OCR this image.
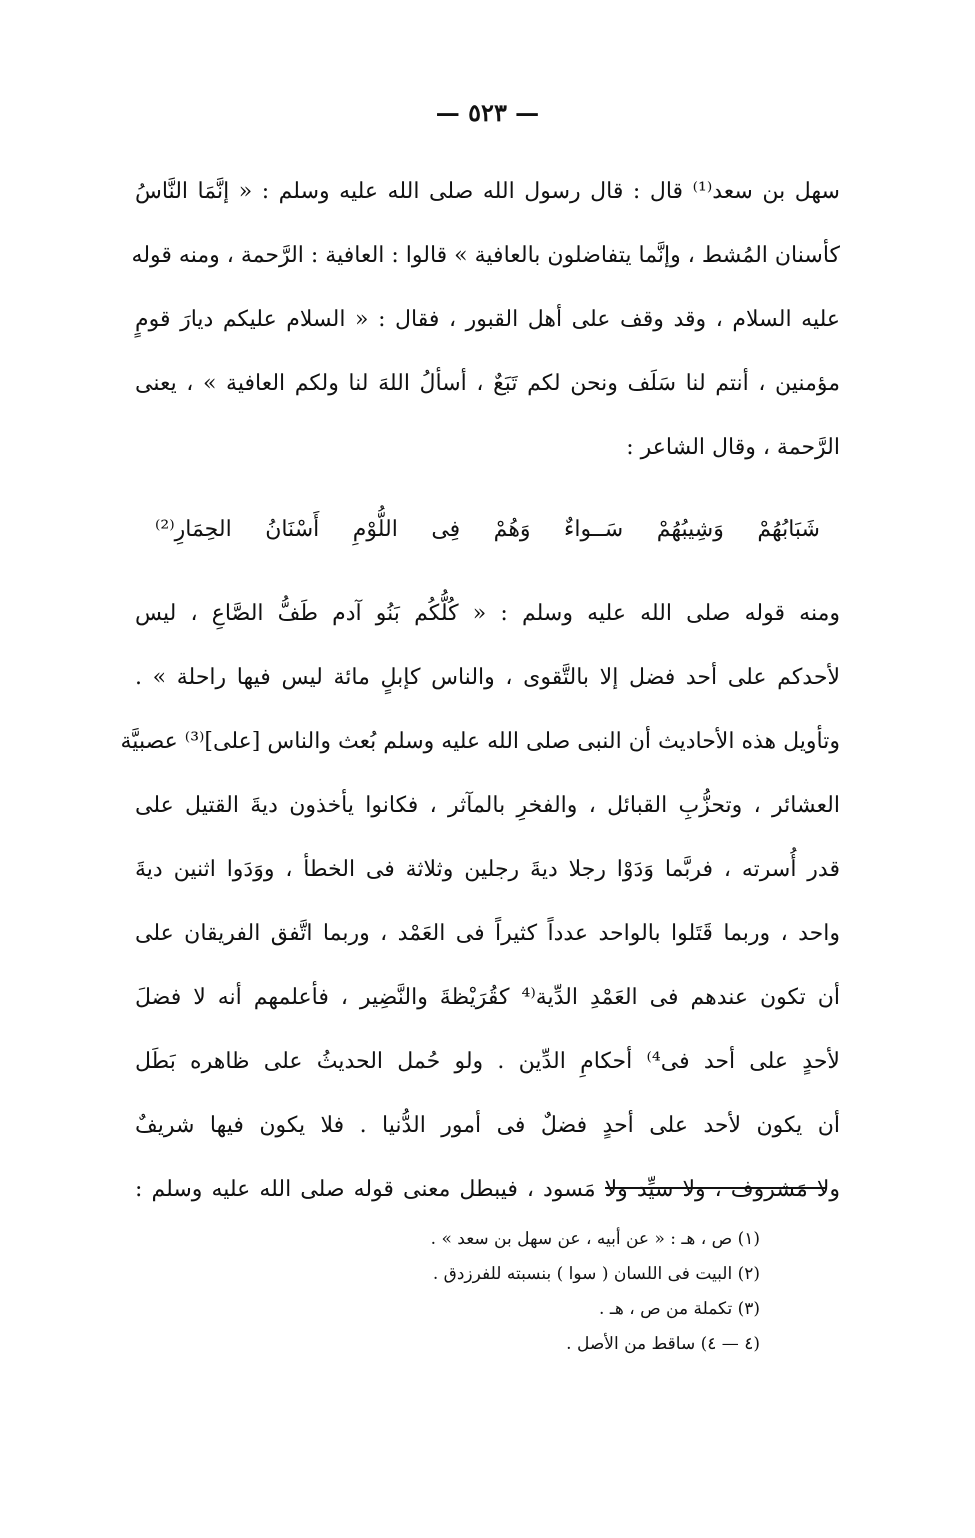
— ٥٢٣ —
سهل بن سعد⁽¹⁾ قال : قال رسول الله صلى الله عليه وسلم : « إنَّمَا النَّاسُ
كأسنان المُشط ، وإنَّما يتفاضلون بالعافية » قالوا : العافية : الرَّحمة ، ومنه قوله
عليه السلام ، وقد وقف على أهل القبور ، فقال : « السلام عليكم ديارَ قومٍ
مؤمنين ، أنتم لنا سَلَف ونحن لكم تَبَعٌ ، أسألُ اللهَ لنا ولكم العافية » ، يعنى
الرَّحمة ، وقال الشاعر :
شَبَابُهُمْ وَشِيبُهُمْ سَــواءٌ وَهُمْ فِى اللُّوْمِ أَسْنَانُ الحِمَارِ⁽²⁾
ومنه قوله صلى الله عليه وسلم : « كُلُّكُم بَنُو آدم طَفُّ الصَّاعِ ، ليس
لأحدكم على أحد فضل إلا بالتَّقوى ، والناس كإبلٍ مائة ليس فيها راحلة » .
وتأويل هذه الأحاديث أن النبى صلى الله عليه وسلم بُعث والناس [على]⁽³⁾ عصبيَّة
العشائر ، وتحزُّبِ القبائل ، والفخرِ بالمآثر ، فكانوا يأخذون ديةَ القتيل على
قدر أُسرته ، فربَّما وَدَوْا رجلا ديةَ رجلين وثلاثة فى الخطأ ، ووَدَوا اثنين ديةَ
واحد ، وربما قَتَلوا بالواحد عدداً كثيراً فى العَمْد ، وربما اتَّفق الفريقان على
أن تكون عندهم فى العَمْدِ الدِّية⁽⁴ كقُرَيْظةَ والنَّضِير ، فأعلمهم أنه لا فضلَ
لأحدٍ على أحد فى⁴⁾ أحكامِ الدِّين . ولو حُمل الحديثُ على ظاهره بَطَل
أن يكون لأحد على أحدٍ فضلٌ فى أمور الدُّنيا . فلا يكون فيها شريفٌ
ولا مَشروف ، ولا سيِّد ولا مَسود ، فيبطل معنى قوله صلى الله عليه وسلم :
(١) ص ، هـ : « عن أبيه ، عن سهل بن سعد » .
(٢) البيت فى اللسان ( سوا ) بنسبته للفرزدق .
(٣) تكملة من ص ، هـ .
(٤ — ٤) ساقط من الأصل .
